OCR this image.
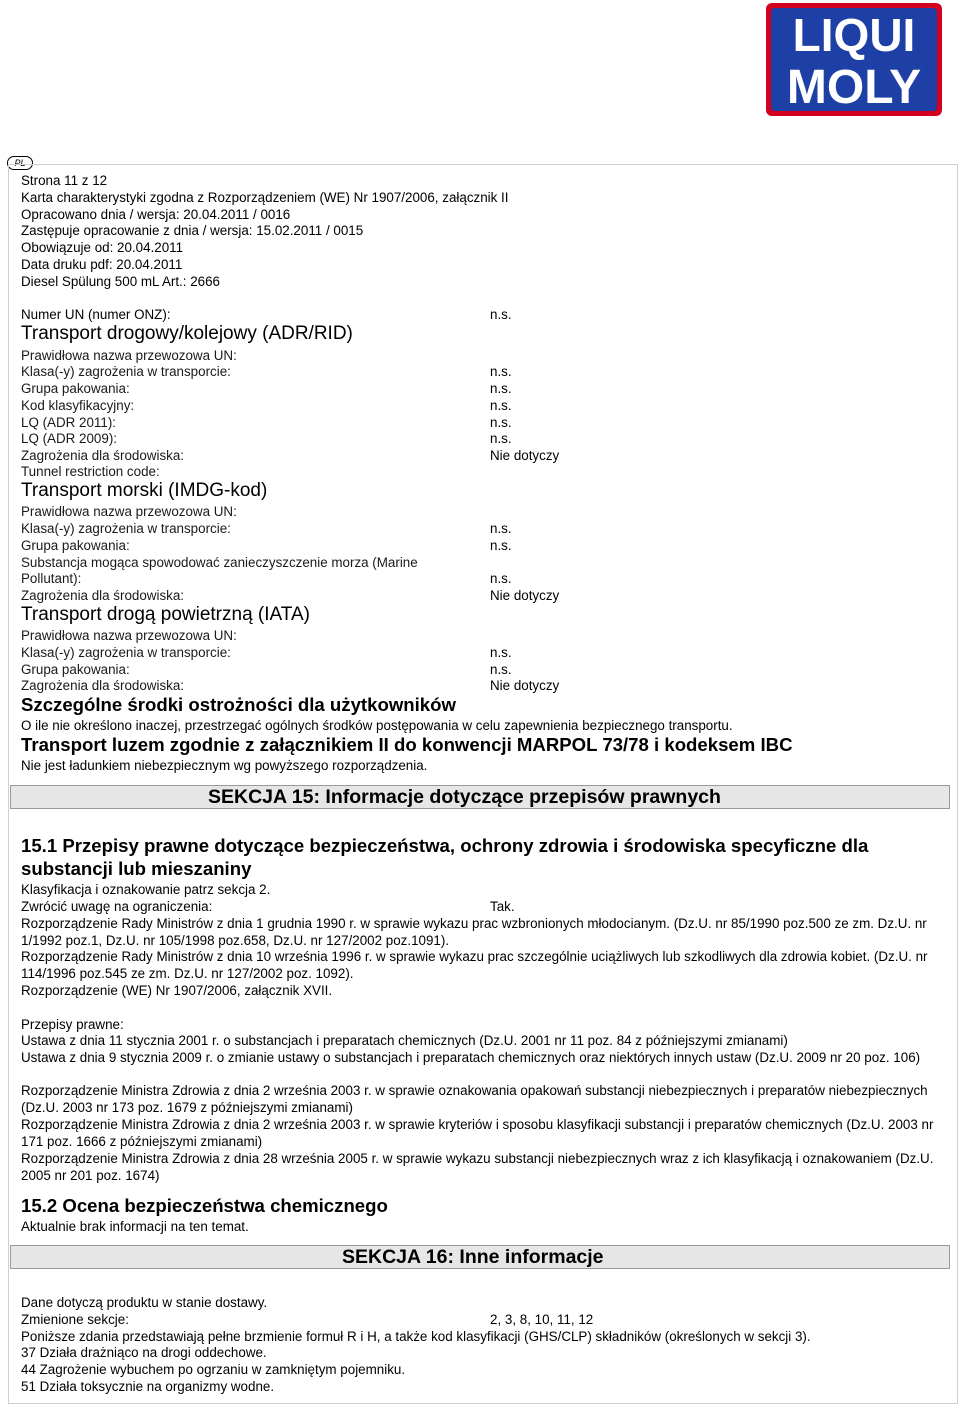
LIQUI
MOLY
PL
Strona 11 z 12
Karta charakterystyki zgodna z Rozporządzeniem (WE) Nr 1907/2006, załącznik II
Opracowano dnia / wersja: 20.04.2011 / 0016
Zastępuje opracowanie z dnia / wersja: 15.02.2011 / 0015
Obowiązuje od: 20.04.2011
Data druku pdf: 20.04.2011
Diesel Spülung 500 mL Art.: 2666
Numer UN (numer ONZ):	n.s.
Transport drogowy/kolejowy (ADR/RID)
Prawidłowa nazwa przewozowa UN:
Klasa(-y) zagrożenia w transporcie:	n.s.
Grupa pakowania:	n.s.
Kod klasyfikacyjny:	n.s.
LQ (ADR 2011):	n.s.
LQ (ADR 2009):	n.s.
Zagrożenia dla środowiska:	Nie dotyczy
Tunnel restriction code:
Transport morski (IMDG-kod)
Prawidłowa nazwa przewozowa UN:
Klasa(-y) zagrożenia w transporcie:	n.s.
Grupa pakowania:	n.s.
Substancja mogąca spowodować zanieczyszczenie morza (Marine
Pollutant):	n.s.
Zagrożenia dla środowiska:	Nie dotyczy
Transport drogą powietrzną (IATA)
Prawidłowa nazwa przewozowa UN:
Klasa(-y) zagrożenia w transporcie:	n.s.
Grupa pakowania:	n.s.
Zagrożenia dla środowiska:	Nie dotyczy
Szczególne środki ostrożności dla użytkowników
O ile nie określono inaczej, przestrzegać ogólnych środków postępowania w celu zapewnienia bezpiecznego transportu.
Transport luzem zgodnie z załącznikiem II do konwencji MARPOL 73/78 i kodeksem IBC
Nie jest ładunkiem niebezpiecznym wg powyższego rozporządzenia.
SEKCJA 15: Informacje dotyczące przepisów prawnych
15.1 Przepisy prawne dotyczące bezpieczeństwa, ochrony zdrowia i środowiska specyficzne dla
substancji lub mieszaniny
Klasyfikacja i oznakowanie patrz sekcja 2.
Zwrócić uwagę na ograniczenia:	Tak.
Rozporządzenie Rady Ministrów z dnia 1 grudnia 1990 r. w sprawie wykazu prac wzbronionych młodocianym. (Dz.U. nr 85/1990 poz.500 ze zm. Dz.U. nr 1/1992 poz.1, Dz.U. nr 105/1998 poz.658, Dz.U. nr 127/2002 poz.1091).
Rozporządzenie Rady Ministrów z dnia 10 września 1996 r. w sprawie wykazu prac szczególnie uciążliwych lub szkodliwych dla zdrowia kobiet. (Dz.U. nr 114/1996 poz.545 ze zm. Dz.U. nr 127/2002 poz. 1092).
Rozporządzenie (WE) Nr 1907/2006, załącznik XVII.
Przepisy prawne:
Ustawa z dnia 11 stycznia 2001 r. o substancjach i preparatach chemicznych (Dz.U. 2001 nr 11 poz. 84 z późniejszymi zmianami)
Ustawa z dnia 9 stycznia 2009 r. o zmianie ustawy o substancjach i preparatach chemicznych oraz niektórych innych ustaw (Dz.U. 2009 nr 20 poz. 106)
Rozporządzenie Ministra Zdrowia z dnia 2 września 2003 r. w sprawie oznakowania opakowań substancji niebezpiecznych i preparatów niebezpiecznych (Dz.U. 2003 nr 173 poz. 1679 z późniejszymi zmianami)
Rozporządzenie Ministra Zdrowia z dnia 2 września 2003 r. w sprawie kryteriów i sposobu klasyfikacji substancji i preparatów chemicznych (Dz.U. 2003 nr 171 poz. 1666 z późniejszymi zmianami)
Rozporządzenie Ministra Zdrowia z dnia 28 września 2005 r. w sprawie wykazu substancji niebezpiecznych wraz z ich klasyfikacją i oznakowaniem (Dz.U. 2005 nr 201 poz. 1674)
15.2 Ocena bezpieczeństwa chemicznego
Aktualnie brak informacji na ten temat.
SEKCJA 16: Inne informacje
Dane dotyczą produktu w stanie dostawy.
Zmienione sekcje:	2, 3, 8, 10, 11, 12
Poniższe zdania przedstawiają pełne brzmienie formuł R i H, a także kod klasyfikacji (GHS/CLP) składników (określonych w sekcji 3).
37 Działa drażniąco na drogi oddechowe.
44 Zagrożenie wybuchem po ogrzaniu w zamkniętym pojemniku.
51 Działa toksycznie na organizmy wodne.
